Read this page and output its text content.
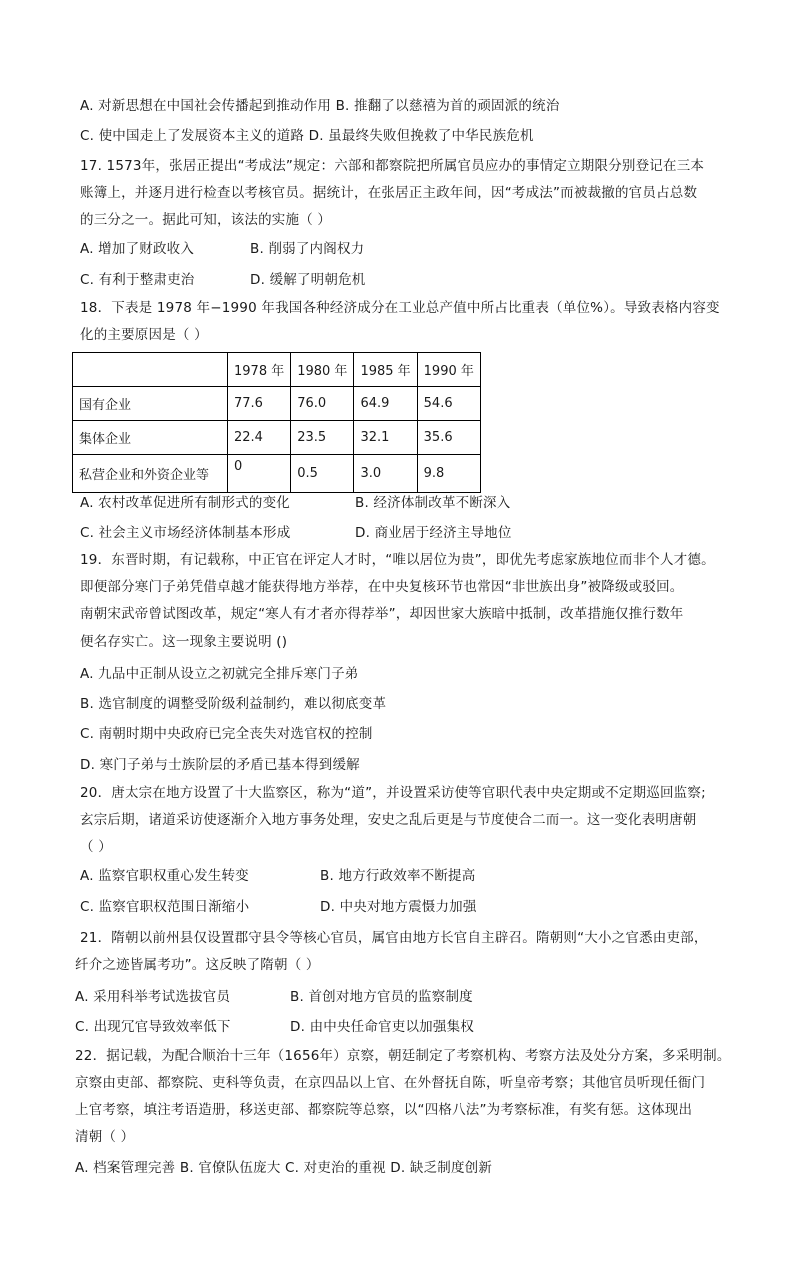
A. 对新思想在中国社会传播起到推动作用 B. 推翻了以慈禧为首的顽固派的统治
C. 使中国走上了发展资本主义的道路 D. 虽最终失败但挽救了中华民族危机
17. 1573年，张居正提出“考成法”规定：六部和都察院把所属官员应办的事情定立期限分别登记在三本
账簿上，并逐月进行检查以考核官员。据统计，在张居正主政年间，因“考成法”而被裁撤的官员占总数
的三分之一。据此可知，该法的实施（ ）
A. 增加了财政收入	B. 削弱了内阁权力
C. 有利于整肃吏治	D. 缓解了明朝危机
18．下表是 1978 年−1990 年我国各种经济成分在工业总产值中所占比重表（单位%）。导致表格内容变
化的主要原因是（ ）
	1978 年	1980 年	1985 年	1990 年
国有企业	77.6	76.0	64.9	54.6
集体企业	22.4	23.5	32.1	35.6
私营企业和外资企业等	0	0.5	3.0	9.8
A. 农村改革促进所有制形式的变化	B. 经济体制改革不断深入
C. 社会主义市场经济体制基本形成	D. 商业居于经济主导地位
19．东晋时期，有记载称，中正官在评定人才时，“唯以居位为贵”，即优先考虑家族地位而非个人才德。
即便部分寒门子弟凭借卓越才能获得地方举荐，在中央复核环节也常因“非世族出身”被降级或驳回。
南朝宋武帝曾试图改革，规定“寒人有才者亦得荐举”，却因世家大族暗中抵制，改革措施仅推行数年
便名存实亡。这一现象主要说明 ()
A. 九品中正制从设立之初就完全排斥寒门子弟
B. 选官制度的调整受阶级利益制约，难以彻底变革
C. 南朝时期中央政府已完全丧失对选官权的控制
D. 寒门子弟与士族阶层的矛盾已基本得到缓解
20．唐太宗在地方设置了十大监察区，称为“道”，并设置采访使等官职代表中央定期或不定期巡回监察;
玄宗后期，诸道采访使逐渐介入地方事务处理，安史之乱后更是与节度使合二而一。这一变化表明唐朝
（ ）
A. 监察官职权重心发生转变	B. 地方行政效率不断提高
C. 监察官职权范围日渐缩小	D. 中央对地方震慑力加强
21．隋朝以前州县仅设置郡守县令等核心官员，属官由地方长官自主辟召。隋朝则“大小之官悉由吏部，
纤介之迹皆属考功”。这反映了隋朝（ ）
A. 采用科举考试选拔官员	B. 首创对地方官员的监察制度
C. 出现冗官导致效率低下	D. 由中央任命官吏以加强集权
22．据记载，为配合顺治十三年（1656年）京察，朝廷制定了考察机构、考察方法及处分方案，多采明制。
京察由吏部、都察院、吏科等负责，在京四品以上官、在外督抚自陈，听皇帝考察；其他官员听现任衙门
上官考察，填注考语造册，移送吏部、都察院等总察，以“四格八法”为考察标准，有奖有惩。这体现出
清朝（ ）
A. 档案管理完善 B. 官僚队伍庞大 C. 对吏治的重视 D. 缺乏制度创新
